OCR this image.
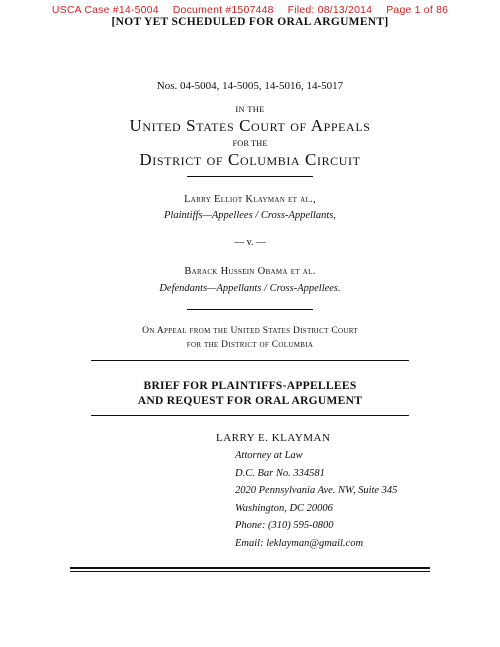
USCA Case #14-5004 Document #1507448 Filed: 08/13/2014 Page 1 of 86
[NOT YET SCHEDULED FOR ORAL ARGUMENT]
Nos. 04-5004, 14-5005, 14-5016, 14-5017
IN THE
United States Court of Appeals
FOR THE
District of Columbia Circuit
Larry Elliot Klayman et al.,
Plaintiffs—Appellees / Cross-Appellants,
— v. —
Barack Hussein Obama et al.
Defendants—Appellants / Cross-Appellees.
On Appeal from the United States District Court
for the District of Columbia
BRIEF FOR PLAINTIFFS-APPELLEES
AND REQUEST FOR ORAL ARGUMENT
LARRY E. KLAYMAN
Attorney at Law
D.C. Bar No. 334581
2020 Pennsylvania Ave. NW, Suite 345
Washington, DC 20006
Phone: (310) 595-0800
Email: leklayman@gmail.com
